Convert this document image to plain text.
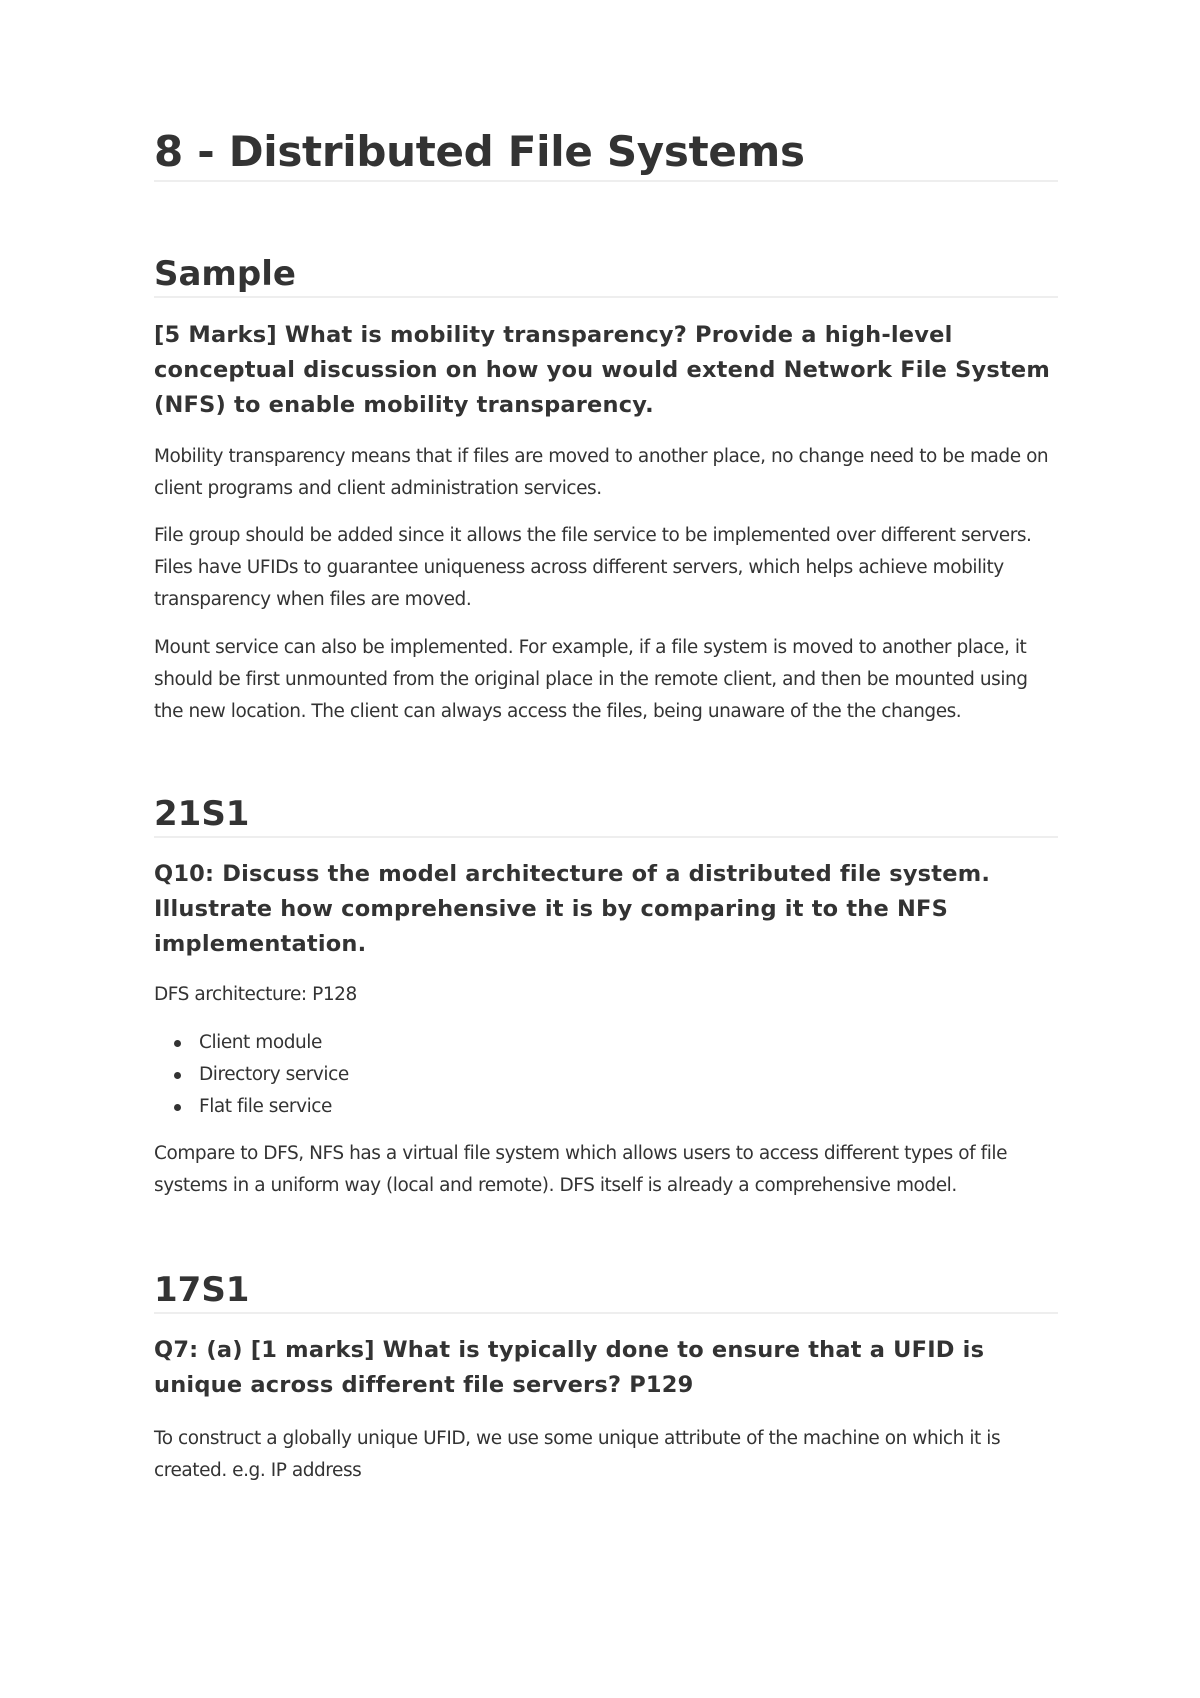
8 - Distributed File Systems
Sample
[5 Marks] What is mobility transparency? Provide a high-level conceptual discussion on how you would extend Network File System (NFS) to enable mobility transparency.

Mobility transparency means that if files are moved to another place, no change need to be made on client programs and client administration services.

File group should be added since it allows the file service to be implemented over different servers. Files have UFIDs to guarantee uniqueness across different servers, which helps achieve mobility transparency when files are moved.

Mount service can also be implemented. For example, if a file system is moved to another place, it should be first unmounted from the original place in the remote client, and then be mounted using the new location. The client can always access the files, being unaware of the the changes.

21S1
Q10: Discuss the model architecture of a distributed file system. Illustrate how comprehensive it is by comparing it to the NFS implementation.

DFS architecture: P128

Client module
Directory service
Flat file service

Compare to DFS, NFS has a virtual file system which allows users to access different types of file systems in a uniform way (local and remote). DFS itself is already a comprehensive model.

17S1
Q7: (a) [1 marks] What is typically done to ensure that a UFID is unique across different file servers? P129

To construct a globally unique UFID, we use some unique attribute of the machine on which it is created. e.g. IP address
